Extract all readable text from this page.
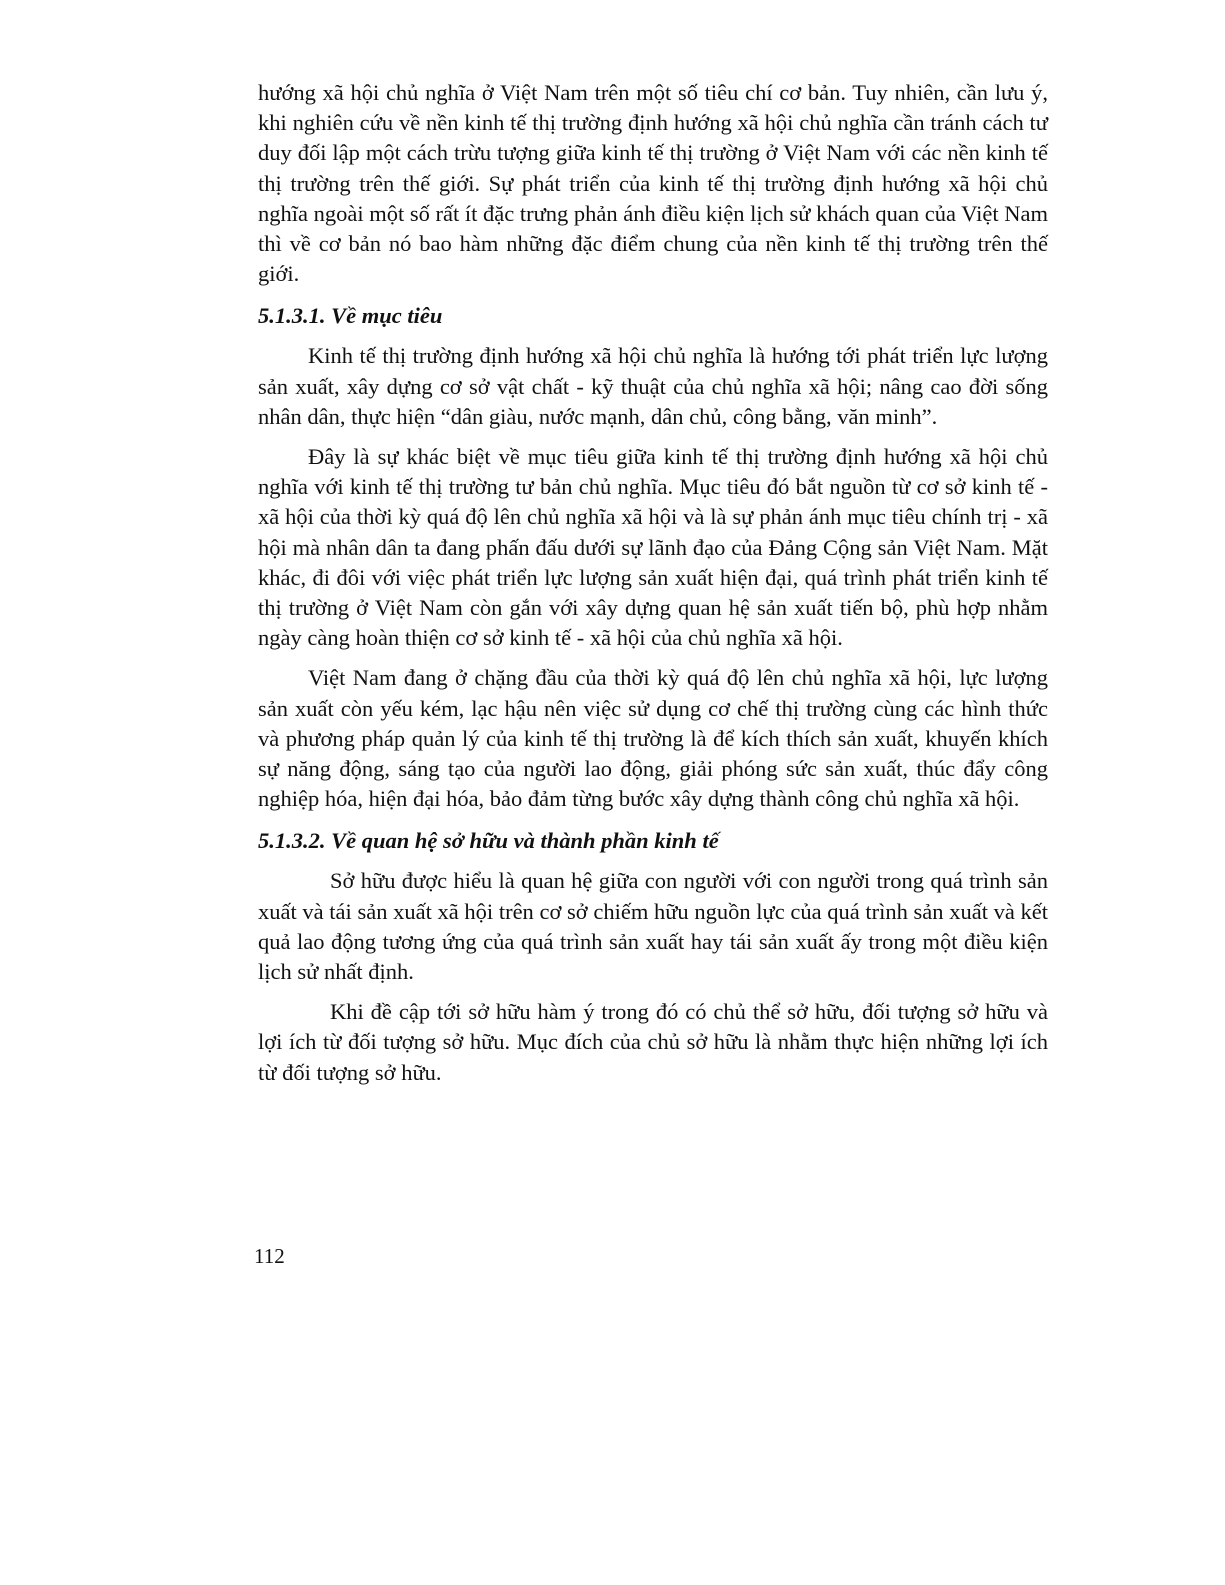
hướng xã hội chủ nghĩa ở Việt Nam trên một số tiêu chí cơ bản. Tuy nhiên, cần lưu ý, khi nghiên cứu về nền kinh tế thị trường định hướng xã hội chủ nghĩa cần tránh cách tư duy đối lập một cách trừu tượng giữa kinh tế thị trường ở Việt Nam với các nền kinh tế thị trường trên thế giới. Sự phát triển của kinh tế thị trường định hướng xã hội chủ nghĩa ngoài một số rất ít đặc trưng phản ánh điều kiện lịch sử khách quan của Việt Nam thì về cơ bản nó bao hàm những đặc điểm chung của nền kinh tế thị trường trên thế giới.

5.1.3.1. Về mục tiêu

Kinh tế thị trường định hướng xã hội chủ nghĩa là hướng tới phát triển lực lượng sản xuất, xây dựng cơ sở vật chất - kỹ thuật của chủ nghĩa xã hội; nâng cao đời sống nhân dân, thực hiện “dân giàu, nước mạnh, dân chủ, công bằng, văn minh”.

Đây là sự khác biệt về mục tiêu giữa kinh tế thị trường định hướng xã hội chủ nghĩa với kinh tế thị trường tư bản chủ nghĩa. Mục tiêu đó bắt nguồn từ cơ sở kinh tế - xã hội của thời kỳ quá độ lên chủ nghĩa xã hội và là sự phản ánh mục tiêu chính trị - xã hội mà nhân dân ta đang phấn đấu dưới sự lãnh đạo của Đảng Cộng sản Việt Nam. Mặt khác, đi đôi với việc phát triển lực lượng sản xuất hiện đại, quá trình phát triển kinh tế thị trường ở Việt Nam còn gắn với xây dựng quan hệ sản xuất tiến bộ, phù hợp nhằm ngày càng hoàn thiện cơ sở kinh tế - xã hội của chủ nghĩa xã hội.

Việt Nam đang ở chặng đầu của thời kỳ quá độ lên chủ nghĩa xã hội, lực lượng sản xuất còn yếu kém, lạc hậu nên việc sử dụng cơ chế thị trường cùng các hình thức và phương pháp quản lý của kinh tế thị trường là để kích thích sản xuất, khuyến khích sự năng động, sáng tạo của người lao động, giải phóng sức sản xuất, thúc đẩy công nghiệp hóa, hiện đại hóa, bảo đảm từng bước xây dựng thành công chủ nghĩa xã hội.

5.1.3.2. Về quan hệ sở hữu và thành phần kinh tế

Sở hữu được hiểu là quan hệ giữa con người với con người trong quá trình sản xuất và tái sản xuất xã hội trên cơ sở chiếm hữu nguồn lực của quá trình sản xuất và kết quả lao động tương ứng của quá trình sản xuất hay tái sản xuất ấy trong một điều kiện lịch sử nhất định.

Khi đề cập tới sở hữu hàm ý trong đó có chủ thể sở hữu, đối tượng sở hữu và lợi ích từ đối tượng sở hữu. Mục đích của chủ sở hữu là nhằm thực hiện những lợi ích từ đối tượng sở hữu.

112
